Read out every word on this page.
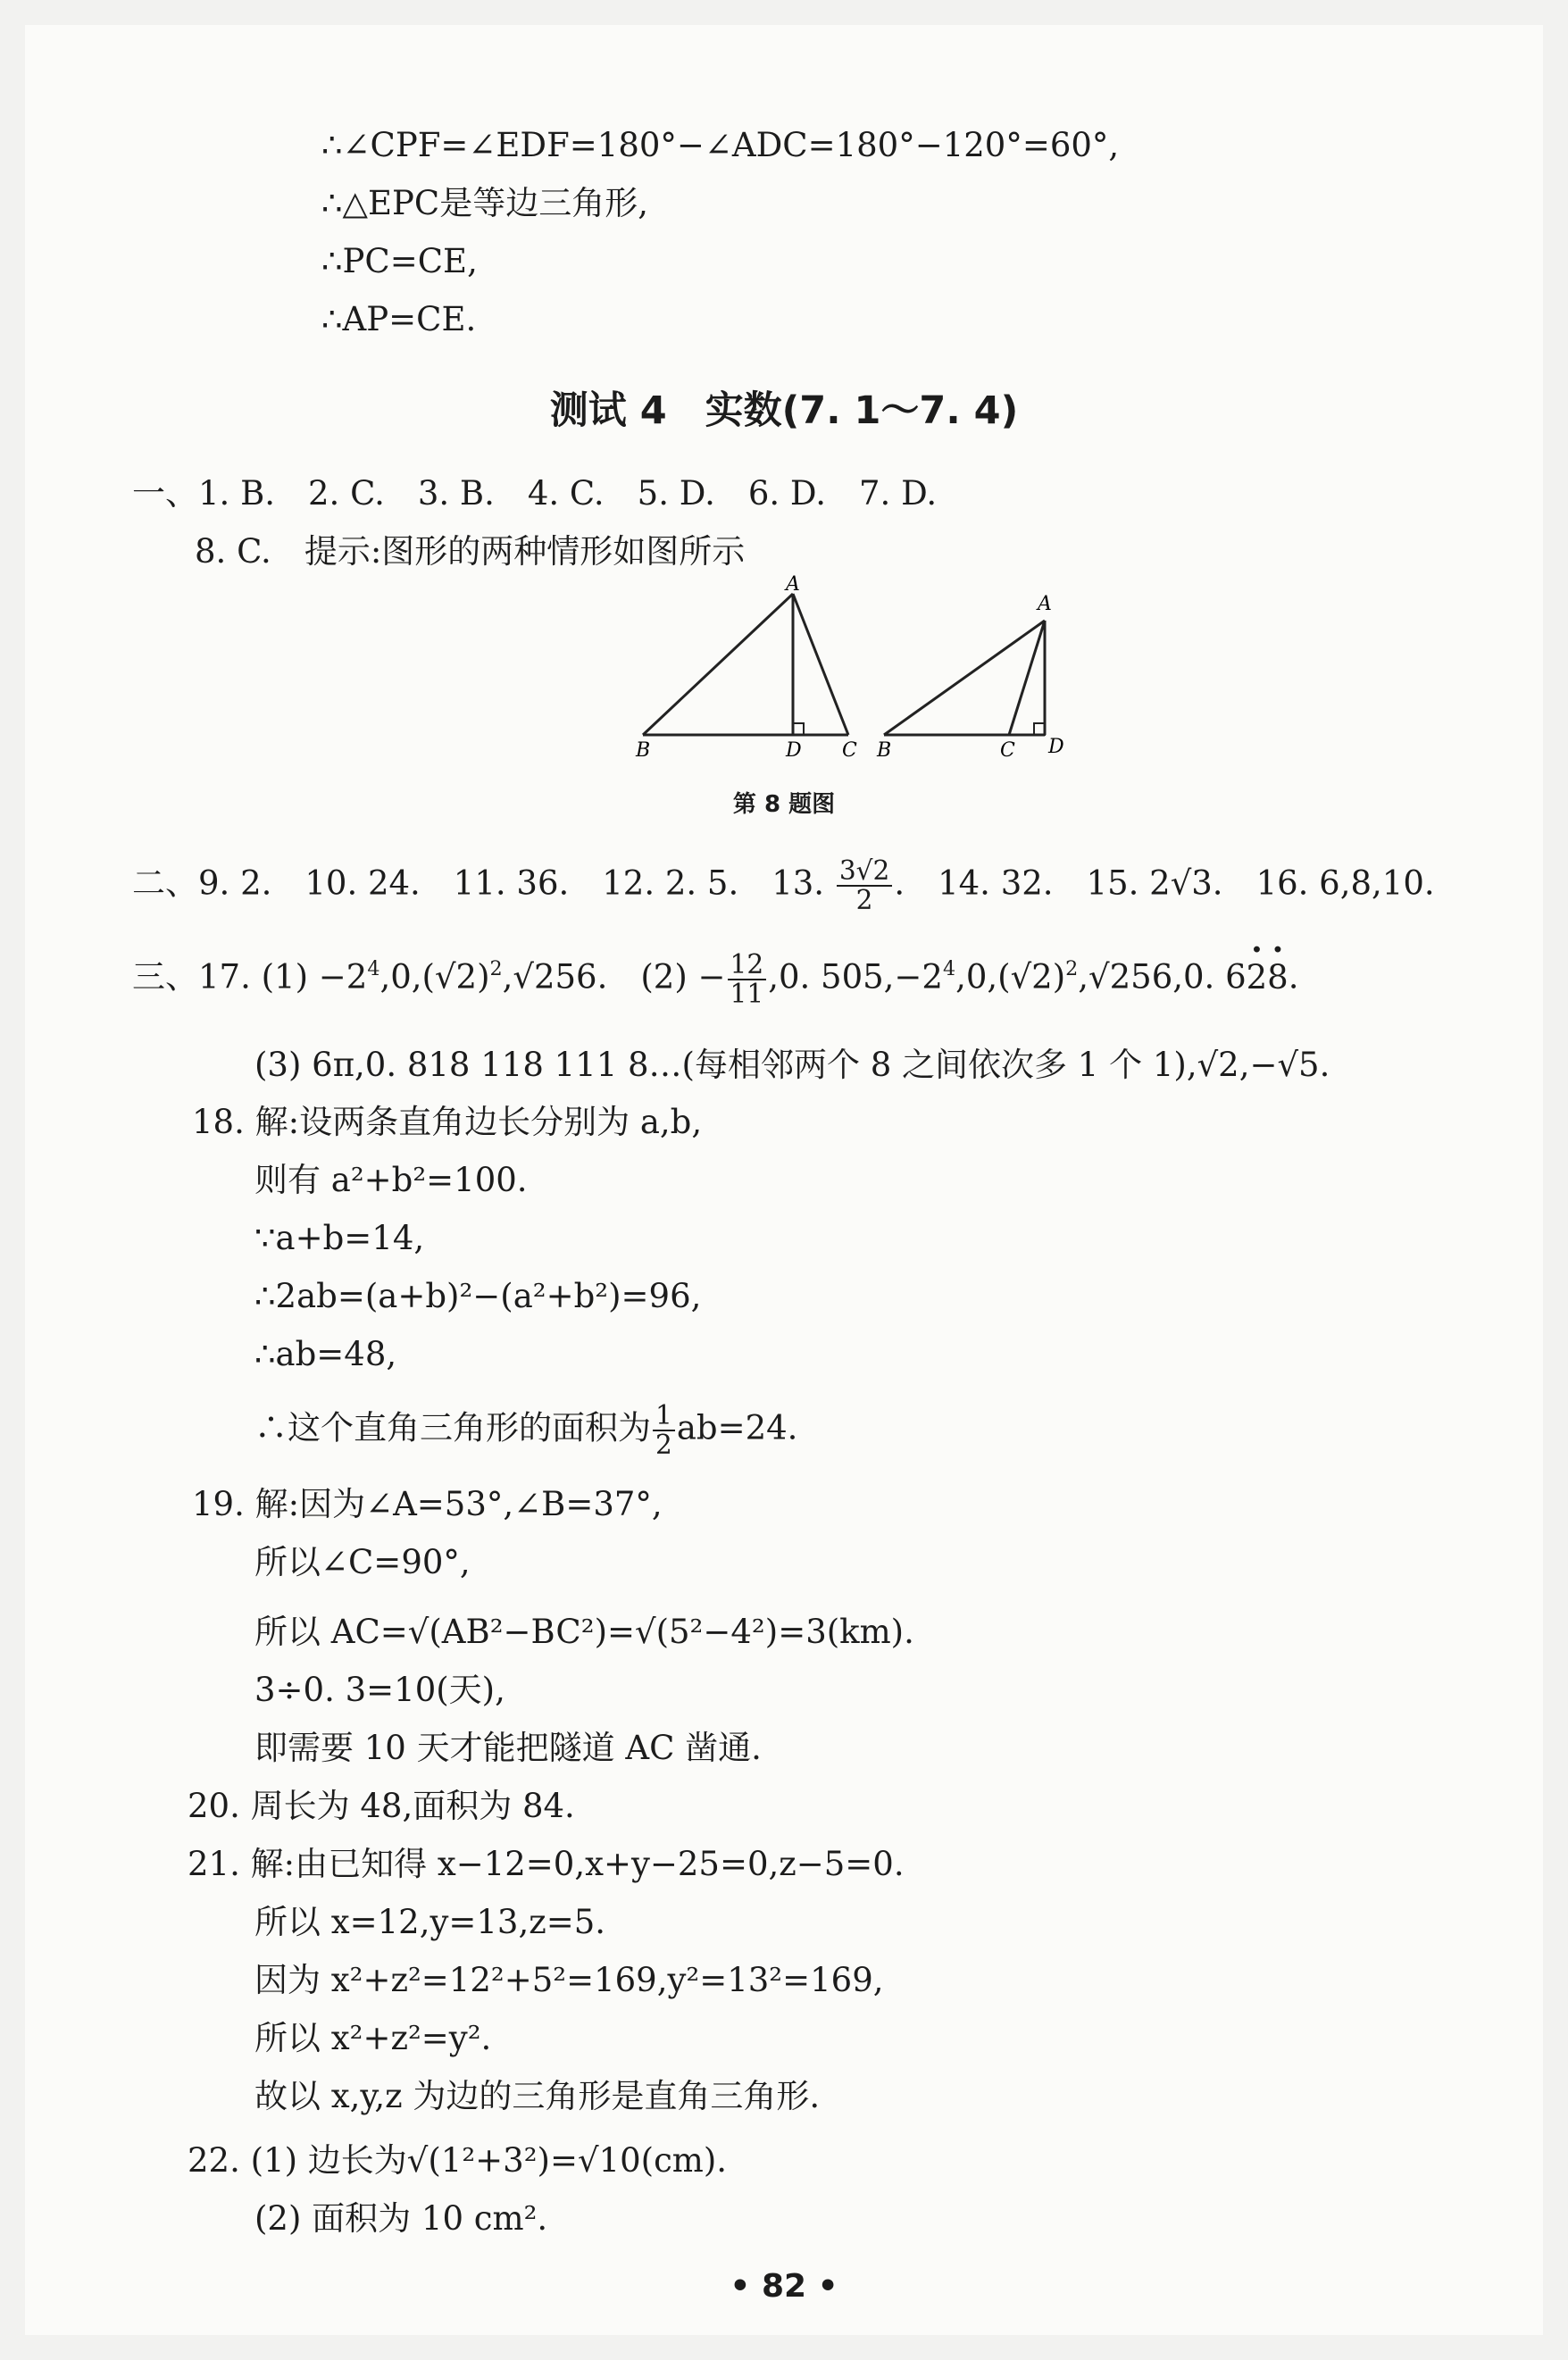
∴∠CPF=∠EDF=180°−∠ADC=180°−120°=60°,
∴△EPC是等边三角形,
∴PC=CE,
∴AP=CE.
测试 4　实数(7. 1～7. 4)
一、1. B.　2. C.　3. B.　4. C.　5. D.　6. D.　7. D.
8. C.　提示:图形的两种情形如图所示
A
B	D C
A
B	C D
第 8 题图
二、9. 2.　10. 24.　11. 36.　12. 2. 5.　13. $\frac{3√2}{2}$ .　14. 32.　15. 2√3.　16. 6,8,10.
三、17. $(1) -2^4,0,(√2)^2,√256$.　$(2) - \frac{12}{11} ,0$. $505,-2^4,0,(√2)^2,√256,0$. 6· 2· 8.
(3) 6π,0. 818 118 111 8…(每相邻两个 8 之间依次多 1 个 1),√2,−√5.
18. 解:设两条直角边长分别为 a,b,
则有 a²+b²=100.
∵a+b=14,
∴2ab=(a+b)²−(a²+b²)=96,
∴ab=48,
∴这个直角三角形的面积为 $\frac{1}{2} ab=24$.
19. 解:因为∠A=53°,∠B=37°,
所以∠C=90°,
所以 AC=√(AB²−BC²)=√(5²−4²)=3(km).
3÷0. 3=10(天),
即需要 10 天才能把隧道 AC 凿通.
20. 周长为 48,面积为 84.
21. 解:由已知得 x−12=0,x+y−25=0,z−5=0.
所以 x=12,y=13,z=5.
因为 x²+z²=12²+5²=169,y²=13²=169,
所以 x²+z²=y².
故以 x,y,z 为边的三角形是直角三角形.
22. (1) 边长为√(1²+3²)=√10(cm).
(2) 面积为 10 cm².
• 82 •
